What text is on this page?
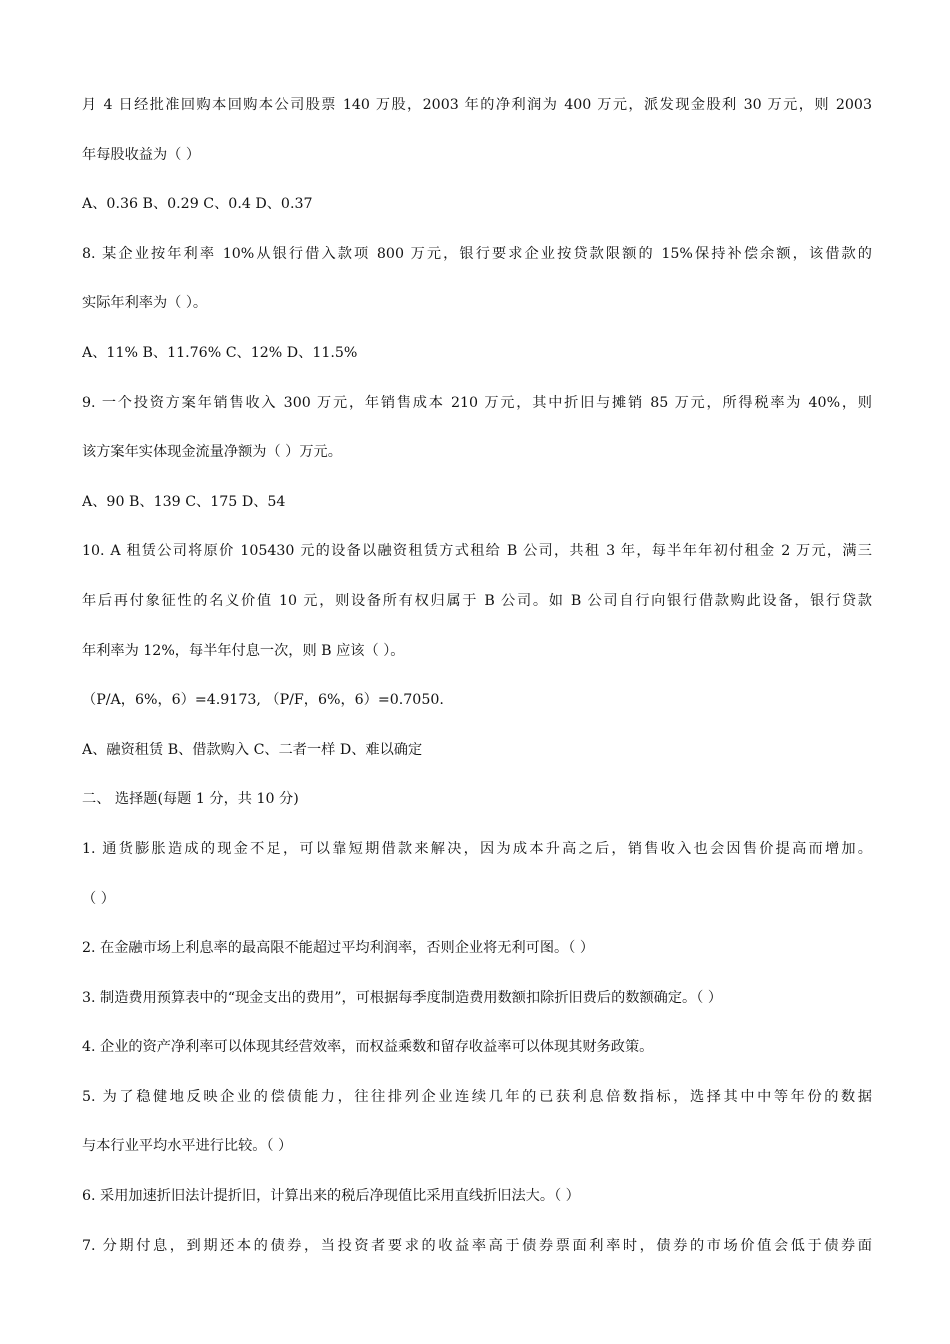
月 4 日经批准回购本回购本公司股票 140 万股，2003 年的净利润为 400 万元，派发现金股利 30 万元，则 2003
年每股收益为（ ）
A、0.36 B、0.29 C、0.4 D、0.37
8. 某企业按年利率 10%从银行借入款项 800 万元，银行要求企业按贷款限额的 15%保持补偿余额，该借款的
实际年利率为（ ）。
A、11% B、11.76% C、12% D、11.5%
9. 一个投资方案年销售收入 300 万元，年销售成本 210 万元，其中折旧与摊销 85 万元，所得税率为 40%，则
该方案年实体现金流量净额为（ ）万元。
A、90 B、139 C、175 D、54
10. A 租赁公司将原价 105430 元的设备以融资租赁方式租给 B 公司，共租 3 年，每半年年初付租金 2 万元，满三
年后再付象征性的名义价值 10 元，则设备所有权归属于 B 公司。如 B 公司自行向银行借款购此设备，银行贷款
年利率为 12%，每半年付息一次，则 B 应该（ ）。
（P/A，6%，6）=4.9173, （P/F，6%，6）=0.7050.
A、融资租赁 B、借款购入 C、二者一样 D、难以确定
二、 选择题(每题 1 分，共 10 分)
1. 通货膨胀造成的现金不足，可以靠短期借款来解决，因为成本升高之后，销售收入也会因售价提高而增加。
（ ）
2. 在金融市场上利息率的最高限不能超过平均利润率，否则企业将无利可图。（ ）
3. 制造费用预算表中的“现金支出的费用”，可根据每季度制造费用数额扣除折旧费后的数额确定。（ ）
4. 企业的资产净利率可以体现其经营效率，而权益乘数和留存收益率可以体现其财务政策。
5. 为了稳健地反映企业的偿债能力，往往排列企业连续几年的已获利息倍数指标，选择其中中等年份的数据
与本行业平均水平进行比较。（ ）
6. 采用加速折旧法计提折旧，计算出来的税后净现值比采用直线折旧法大。（ ）
7. 分期付息，到期还本的债券，当投资者要求的收益率高于债券票面利率时，债券的市场价值会低于债券面
